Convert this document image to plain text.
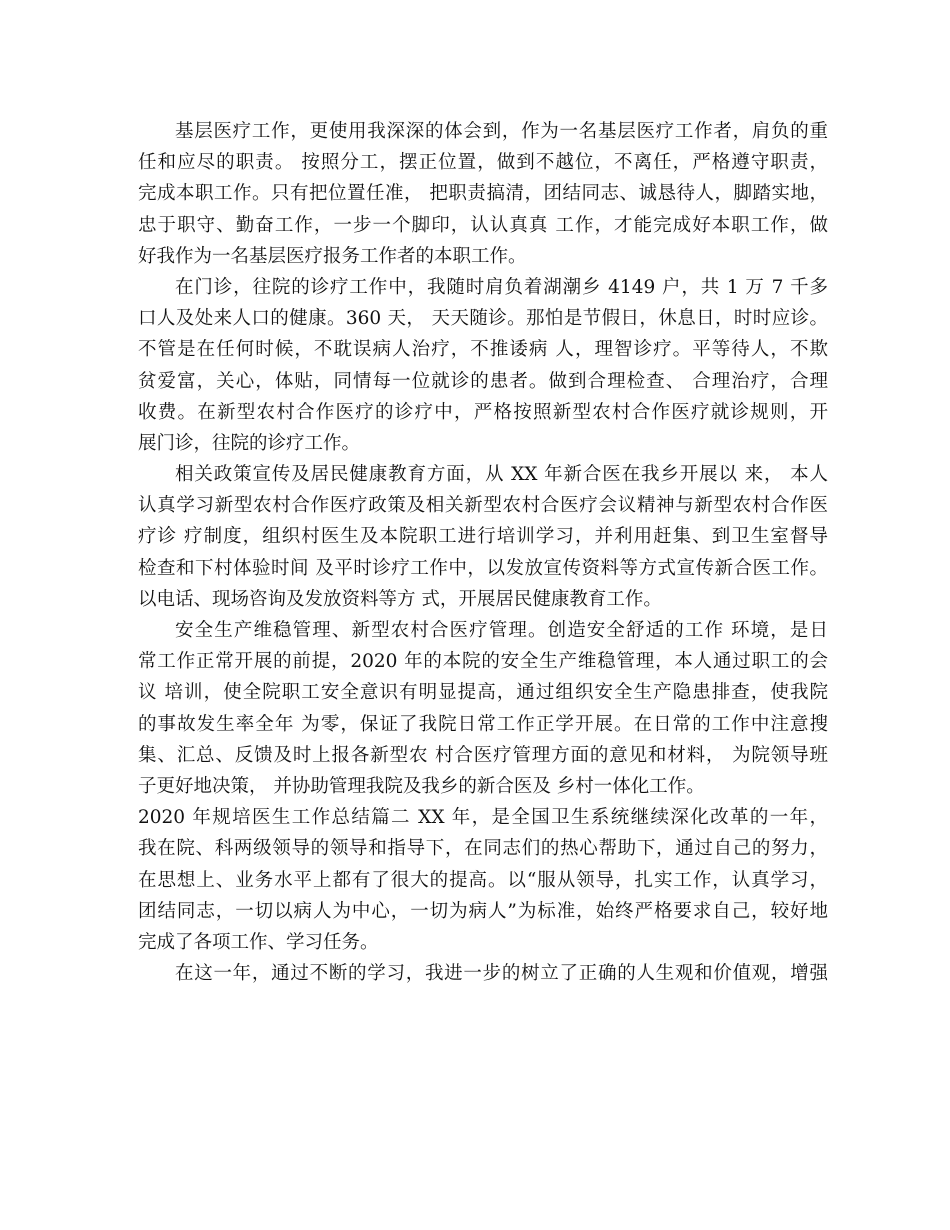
基层医疗工作，更使用我深深的体会到，作为一名基层医疗工作者，肩负的重
任和应尽的职责。 按照分工，摆正位置，做到不越位，不离任，严格遵守职责，
完成本职工作。只有把位置任准， 把职责搞清，团结同志、诚恳待人，脚踏实地，
忠于职守、勤奋工作，一步一个脚印，认认真真 工作，才能完成好本职工作，做
好我作为一名基层医疗报务工作者的本职工作。
在门诊，往院的诊疗工作中，我随时肩负着湖潮乡 4149 户，共 1 万 7 千多
口人及处来人口的健康。360 天， 天天随诊。那怕是节假日，休息日，时时应诊。
不管是在任何时候，不耽误病人治疗，不推诿病 人，理智诊疗。平等待人，不欺
贫爱富，关心，体贴，同情每一位就诊的患者。做到合理检查、 合理治疗，合理
收费。在新型农村合作医疗的诊疗中，严格按照新型农村合作医疗就诊规则，开
展门诊，往院的诊疗工作。
相关政策宣传及居民健康教育方面，从 XX 年新合医在我乡开展以 来， 本人
认真学习新型农村合作医疗政策及相关新型农村合医疗会议精神与新型农村合作医
疗诊 疗制度，组织村医生及本院职工进行培训学习，并利用赶集、到卫生室督导
检查和下村体验时间 及平时诊疗工作中，以发放宣传资料等方式宣传新合医工作。
以电话、现场咨询及发放资料等方 式，开展居民健康教育工作。
安全生产维稳管理、新型农村合医疗管理。创造安全舒适的工作 环境，是日
常工作正常开展的前提，2020 年的本院的安全生产维稳管理，本人通过职工的会
议 培训，使全院职工安全意识有明显提高，通过组织安全生产隐患排查，使我院
的事故发生率全年 为零，保证了我院日常工作正学开展。在日常的工作中注意搜
集、汇总、反馈及时上报各新型农 村合医疗管理方面的意见和材料， 为院领导班
子更好地决策， 并协助管理我院及我乡的新合医及 乡村一体化工作。
2020 年规培医生工作总结篇二 XX 年，是全国卫生系统继续深化改革的一年，
我在院、科两级领导的领导和指导下，在同志们的热心帮助下，通过自己的努力，
在思想上、业务水平上都有了很大的提高。以“服从领导，扎实工作，认真学习，
团结同志，一切以病人为中心，一切为病人”为标准，始终严格要求自己，较好地
完成了各项工作、学习任务。
在这一年，通过不断的学习，我进一步的树立了正确的人生观和价值观，增强
